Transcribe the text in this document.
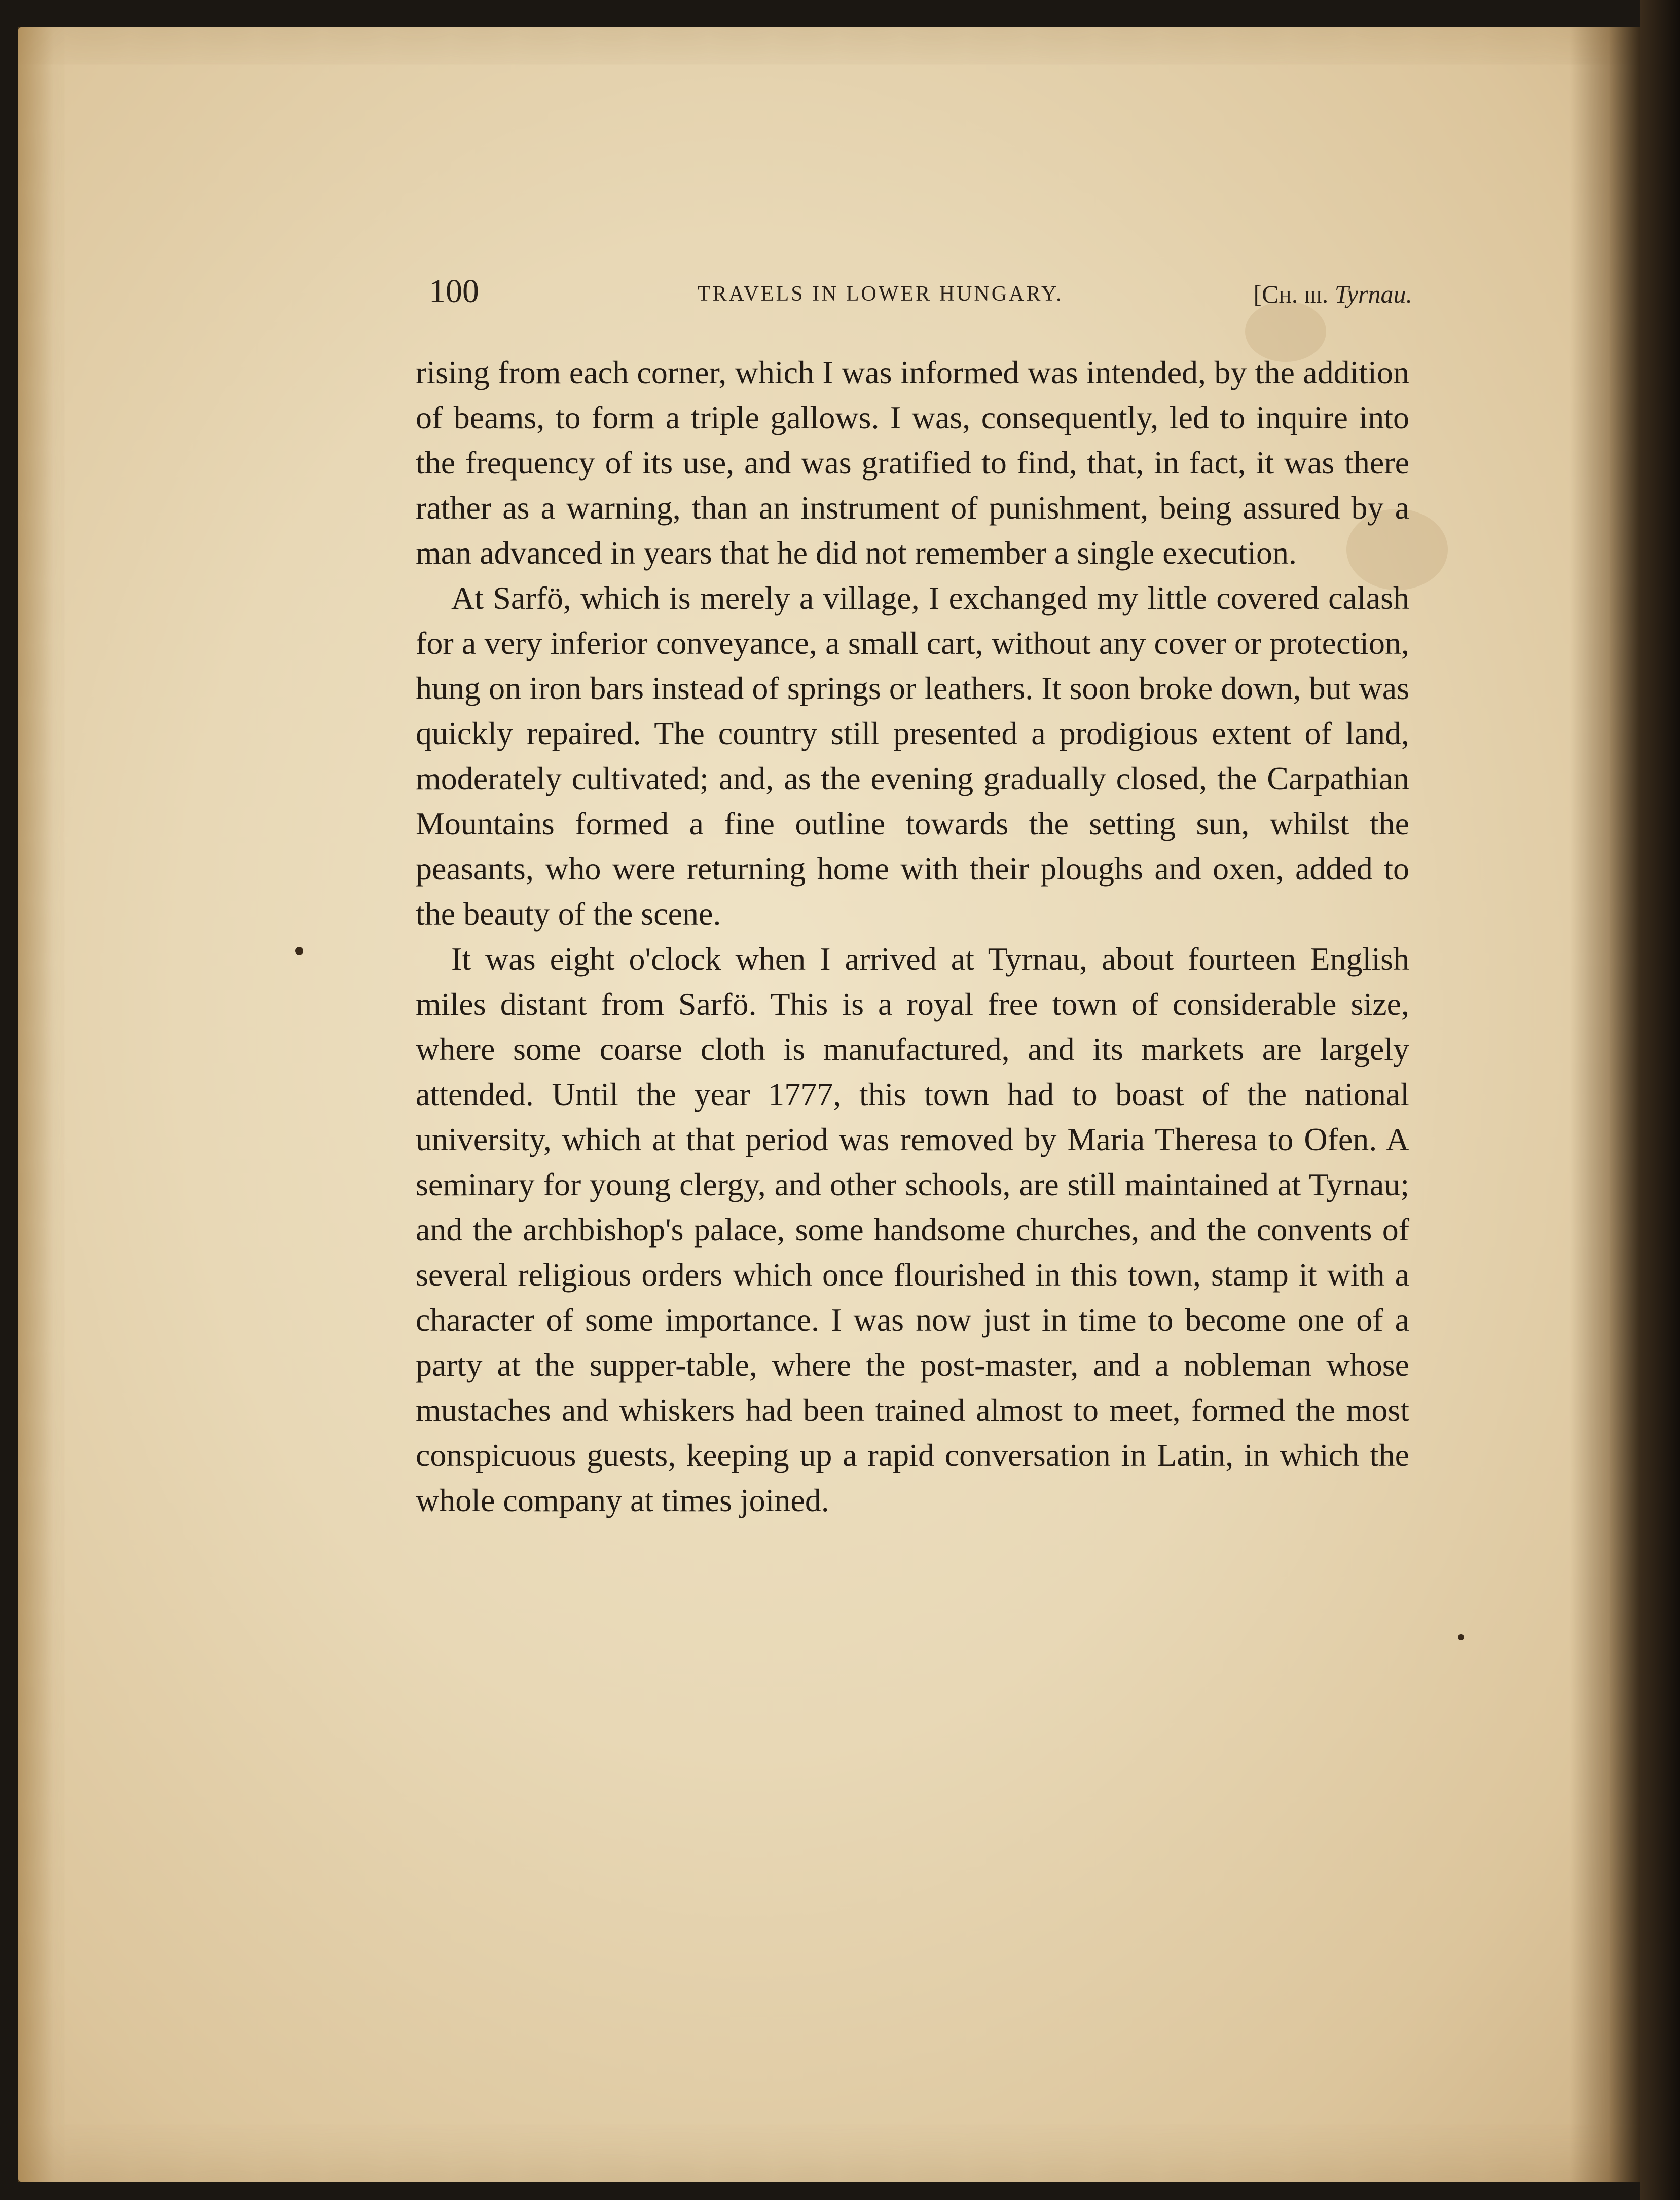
100	TRAVELS IN LOWER HUNGARY.	[Ch. iii. Tyrnau.

rising from each corner, which I was informed was intended, by the addition of beams, to form a triple gallows. I was, consequently, led to inquire into the frequency of its use, and was gratified to find, that, in fact, it was there rather as a warning, than an instrument of punishment, being assured by a man advanced in years that he did not remember a single execution.

At Sarfö, which is merely a village, I exchanged my little covered calash for a very inferior conveyance, a small cart, without any cover or protection, hung on iron bars instead of springs or leathers. It soon broke down, but was quickly repaired. The country still presented a prodigious extent of land, moderately cultivated; and, as the evening gradually closed, the Carpathian Mountains formed a fine outline towards the setting sun, whilst the peasants, who were returning home with their ploughs and oxen, added to the beauty of the scene.

It was eight o'clock when I arrived at Tyrnau, about fourteen English miles distant from Sarfö. This is a royal free town of considerable size, where some coarse cloth is manufactured, and its markets are largely attended. Until the year 1777, this town had to boast of the national university, which at that period was removed by Maria Theresa to Ofen. A seminary for young clergy, and other schools, are still maintained at Tyrnau; and the archbishop's palace, some handsome churches, and the convents of several religious orders which once flourished in this town, stamp it with a character of some importance. I was now just in time to become one of a party at the supper-table, where the post-master, and a nobleman whose mustaches and whiskers had been trained almost to meet, formed the most conspicuous guests, keeping up a rapid conversation in Latin, in which the whole company at times joined.
